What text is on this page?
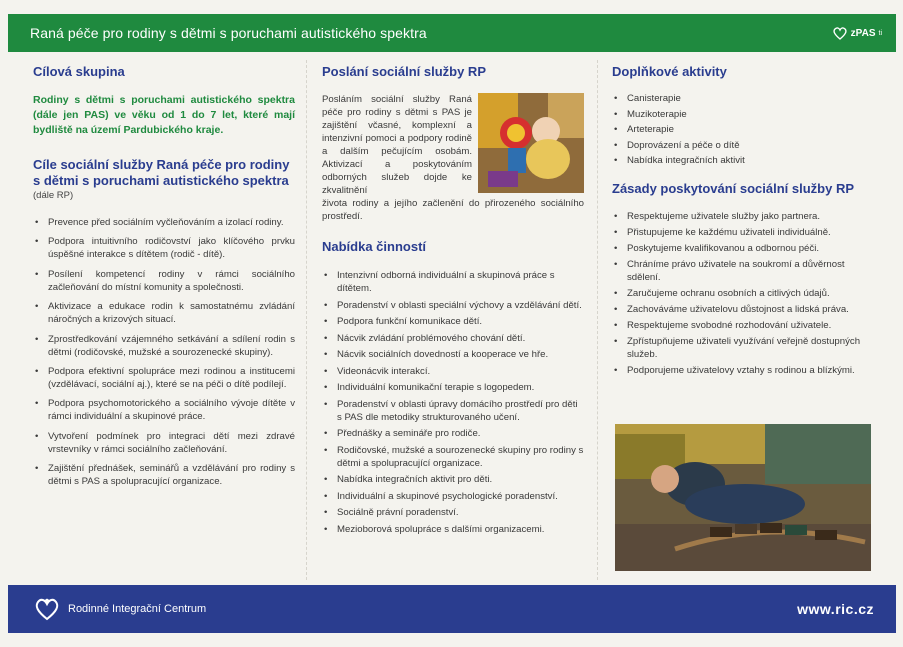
Raná péče pro rodiny s dětmi s poruchami autistického spektra	zPAS ti
Cílová skupina

Rodiny s dětmi s poruchami autistického spektra (dále jen PAS) ve věku od 1 do 7 let, které mají bydliště na území Pardubického kraje.

Cíle sociální služby Raná péče pro rodiny s dětmi s poruchami autistického spektra
(dále RP)
• Prevence před sociálním vyčleňováním a izolací rodiny.
• Podpora intuitivního rodičovství jako klíčového prvku úspěšné interakce s dítětem (rodič - dítě).
• Posílení kompetencí rodiny v rámci sociálního začleňování do místní komunity a společnosti.
• Aktivizace a edukace rodin k samostatnému zvládání náročných a krizových situací.
• Zprostředkování vzájemného setkávání a sdílení rodin s dětmi (rodičovské, mužské a sourozenecké skupiny).
• Podpora efektivní spolupráce mezi rodinou a institucemi (vzdělávací, sociální aj.), které se na péči o dítě podílejí.
• Podpora psychomotorického a sociálního vývoje dítěte v rámci individuální a skupinové práce.
• Vytvoření podmínek pro integraci dětí mezi zdravé vrstevníky v rámci sociálního začleňování.
• Zajištění přednášek, seminářů a vzdělávání pro rodiny s dětmi s PAS a spolupracující organizace.
Poslání sociální služby RP

Posláním sociální služby Raná péče pro rodiny s dětmi s PAS je zajištění včasné, komplexní a intenzivní pomoci a podpory rodině a dalším pečujícím osobám. Aktivizací a poskytováním odborných služeb dojde ke zkvalitnění

života rodiny a jejího začlenění do přirozeného sociálního prostředí.

Nabídka činností
• Intenzivní odborná individuální a skupinová práce s dítětem.
• Poradenství v oblasti speciální výchovy a vzdělávání dětí.
• Podpora funkční komunikace dětí.
• Nácvik zvládání problémového chování dětí.
• Nácvik sociálních dovedností a kooperace ve hře.
• Videonácvik interakcí.
• Individuální komunikační terapie s logopedem.
• Poradenství v oblasti úpravy domácího prostředí pro děti s PAS dle metodiky strukturovaného učení.
• Přednášky a semináře pro rodiče.
• Rodičovské, mužské a sourozenecké skupiny pro rodiny s dětmi a spolupracující organizace.
• Nabídka integračních aktivit pro děti.
• Individuální a skupinové psychologické poradenství.
• Sociálně právní poradenství.
• Mezioborová spolupráce s dalšími organizacemi.
Doplňkové aktivity
• Canisterapie
• Muzikoterapie
• Arteterapie
• Doprovázení a péče o dítě
• Nabídka integračních aktivit
Zásady poskytování sociální služby RP
• Respektujeme uživatele služby jako partnera.
• Přistupujeme ke každému uživateli individuálně.
• Poskytujeme kvalifikovanou a odbornou péči.
• Chráníme právo uživatele na soukromí a důvěrnost sdělení.
• Zaručujeme ochranu osobních a citlivých údajů.
• Zachováváme uživatelovu důstojnost a lidská práva.
• Respektujeme svobodné rozhodování uživatele.
• Zpřístupňujeme uživateli využívání veřejně dostupných služeb.
• Podporujeme uživatelovy vztahy s rodinou a blízkými.
Rodinné Integrační Centrum	www.ric.cz
